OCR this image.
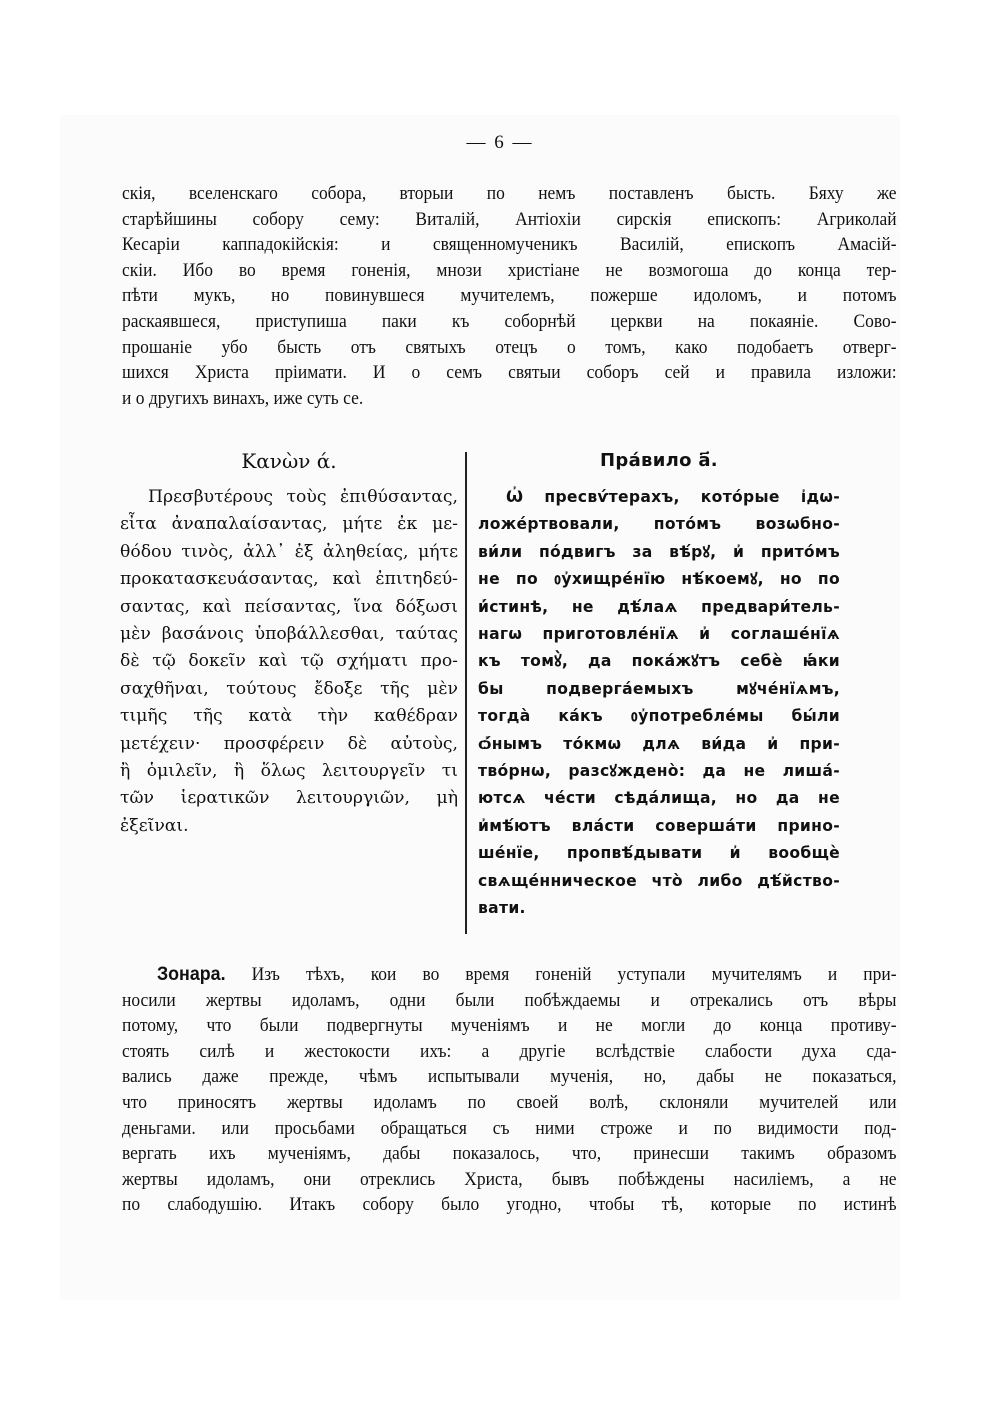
— 6 —
скія, вселенскаго собора, вторыи по немъ поставленъ бысть. Бяху же
старѣйшины собору сему: Виталій, Антіохіи сирскія епископъ: Агриколай
Кесаріи каппадокійскія: и священномученикъ Василій, епископъ Амасій-
скіи. Ибо во время гоненія, мнози христіане не возмогоша до конца тер-
пѣти мукъ, но повинувшеся мучителемъ, пожерше идоломъ, и потомъ
раскаявшеся, приступиша паки къ соборнѣй церкви на покаяніе. Сово-
прошаніе убо бысть отъ святыхъ отецъ о томъ, како подобаетъ отверг-
шихся Христа пріимати. И о семъ святыи соборъ сей и правила изложи:
и о другихъ винахъ, иже суть се.
Κανὼν ά.
Πρεσβυτέρους τοὺς ἐπιθύσαντας,
εἶτα ἀναπαλαίσαντας, μήτε ἐκ με-
θόδου τινὸς, ἀλλ᾽ ἐξ ἀληθείας, μήτε
προκατασκευάσαντας, καὶ ἐπιτηδεύ-
σαντας, καὶ πείσαντας, ἵνα δόξωσι
μὲν βασάνοις ὑποβάλλεσθαι, ταύτας
δὲ τῷ δοκεῖν καὶ τῷ σχήματι προ-
σαχθῆναι, τούτους ἔδοξε τῆς μὲν
τιμῆς τῆς κατὰ τὴν καθέδραν
μετέχειν· προσφέρειν δὲ αὐτοὺς,
ἢ ὁμιλεῖν, ἢ ὅλως λειτουργεῖν τι
τῶν ἱερατικῶν λειτουργιῶν, μὴ
ἐξεῖναι.
Пра́вило а҃.
Ѡ҆ пресвѵ́терахъ, кото́рые і҆дѡ-
ложе́ртвовали, пото́мъ возѡбно-
ви́ли по́двигъ за вѣ́рꙋ, и҆ прито́мъ
не по ᲂу҆хищре́нїю нѣ́коемꙋ, но по
и҆́стинѣ, не дѣ́лаѧ предвари́тель-
нагѡ приготовле́нїѧ и҆ соглаше́нїѧ
къ томꙋ̀, да пока́жꙋтъ себѐ ꙗ҆́ки
бы подверга́емыхъ мꙋче́нїѧмъ,
тогда̀ ка́къ ᲂу҆потребле́мы бы́ли
ѻ҆́нымъ то́кмѡ длѧ ви́да и҆ при-
тво́рнѡ, разсꙋждено̀: да не лиша́-
ютсѧ че́сти сѣда́лища, но да не
и҆мѣ́ютъ вла́сти соверша́ти прино-
ше́нїе, пропвѣ́дывати и҆ вообщѐ
свѧще́нническое что̀ либо дѣ́йство-
вати.
  Зонара. Изъ тѣхъ, кои во время гоненій уступали мучителямъ и при-
носили жертвы идоламъ, одни были побѣждаемы и отрекались отъ вѣры
потому, что были подвергнуты мученіямъ и не могли до конца противу-
стоять силѣ и жестокости ихъ: а другіе вслѣдствіе слабости духа сда-
вались даже прежде, чѣмъ испытывали мученія, но, дабы не показаться,
что приносятъ жертвы идоламъ по своей волѣ, склоняли мучителей или
деньгами. или просьбами обращаться съ ними строже и по видимости под-
вергать ихъ мученіямъ, дабы показалось, что, принесши такимъ образомъ
жертвы идоламъ, они отреклись Христа, бывъ побѣждены насиліемъ, а не
по слабодушію. Итакъ собору было угодно, чтобы тѣ, которые по истинѣ
